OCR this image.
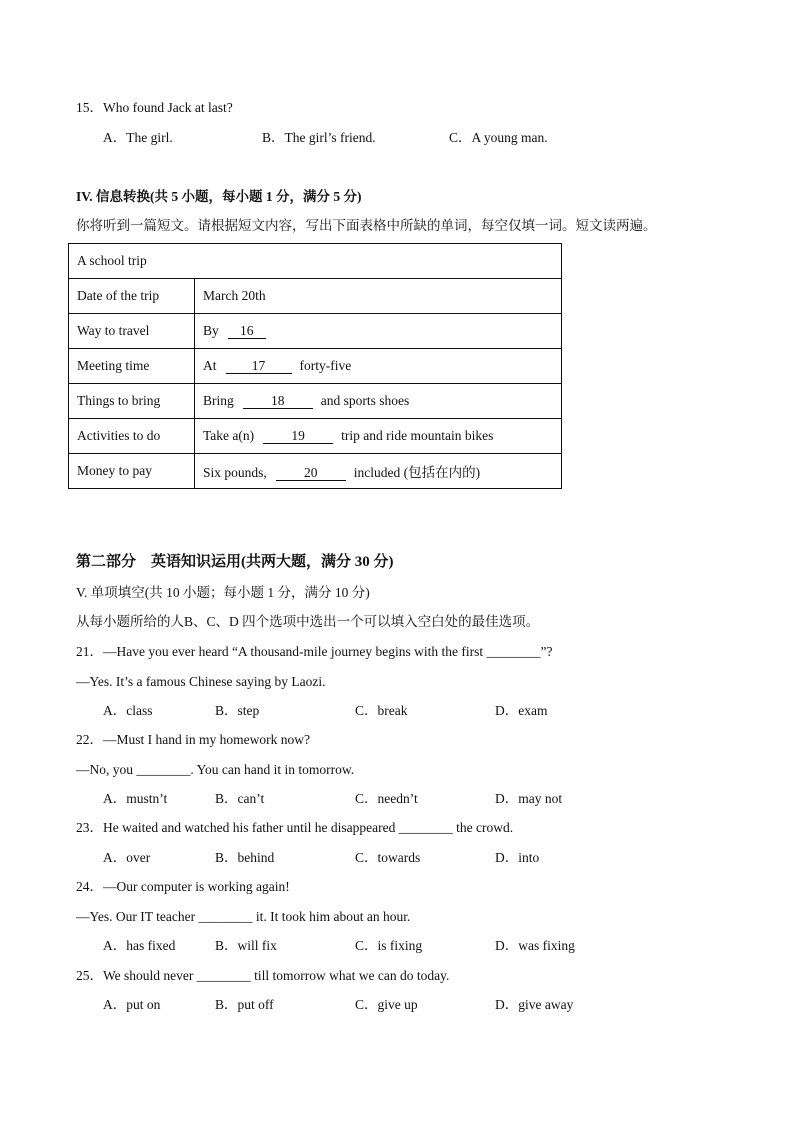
15．Who found Jack at last?
A．The girl.	B．The girl’s friend.	C．A young man.
IV. 信息转换(共 5 小题，每小题 1 分，满分 5 分)
你将听到一篇短文。请根据短文内容，写出下面表格中所缺的单词，每空仅填一词。短文读两遍。
A school trip	
Date of the trip	March 20th
Way to travel	By 16
Meeting time	At 17 forty-five
Things to bring	Bring 18 and sports shoes
Activities to do	Take a(n) 19 trip and ride mountain bikes
Money to pay	Six pounds, 20 included (包括在内的)
第二部分　英语知识运用(共两大题，满分 30 分)
V. 单项填空(共 10 小题；每小题 1 分，满分 10 分)
从每小题所给的人B、C、D 四个选项中选出一个可以填入空白处的最佳选项。
21．—Have you ever heard “A thousand-mile journey begins with the first ________”?
—Yes. It’s a famous Chinese saying by Laozi.
A．class	B．step	C．break	D．exam
22．—Must I hand in my homework now?
—No, you ________. You can hand it in tomorrow.
A．mustn’t	B．can’t	C．needn’t	D．may not
23．He waited and watched his father until he disappeared ________ the crowd.
A．over	B．behind	C．towards	D．into
24．—Our computer is working again!
—Yes. Our IT teacher ________ it. It took him about an hour.
A．has fixed	B．will fix	C．is fixing	D．was fixing
25．We should never ________ till tomorrow what we can do today.
A．put on	B．put off	C．give up	D．give away
